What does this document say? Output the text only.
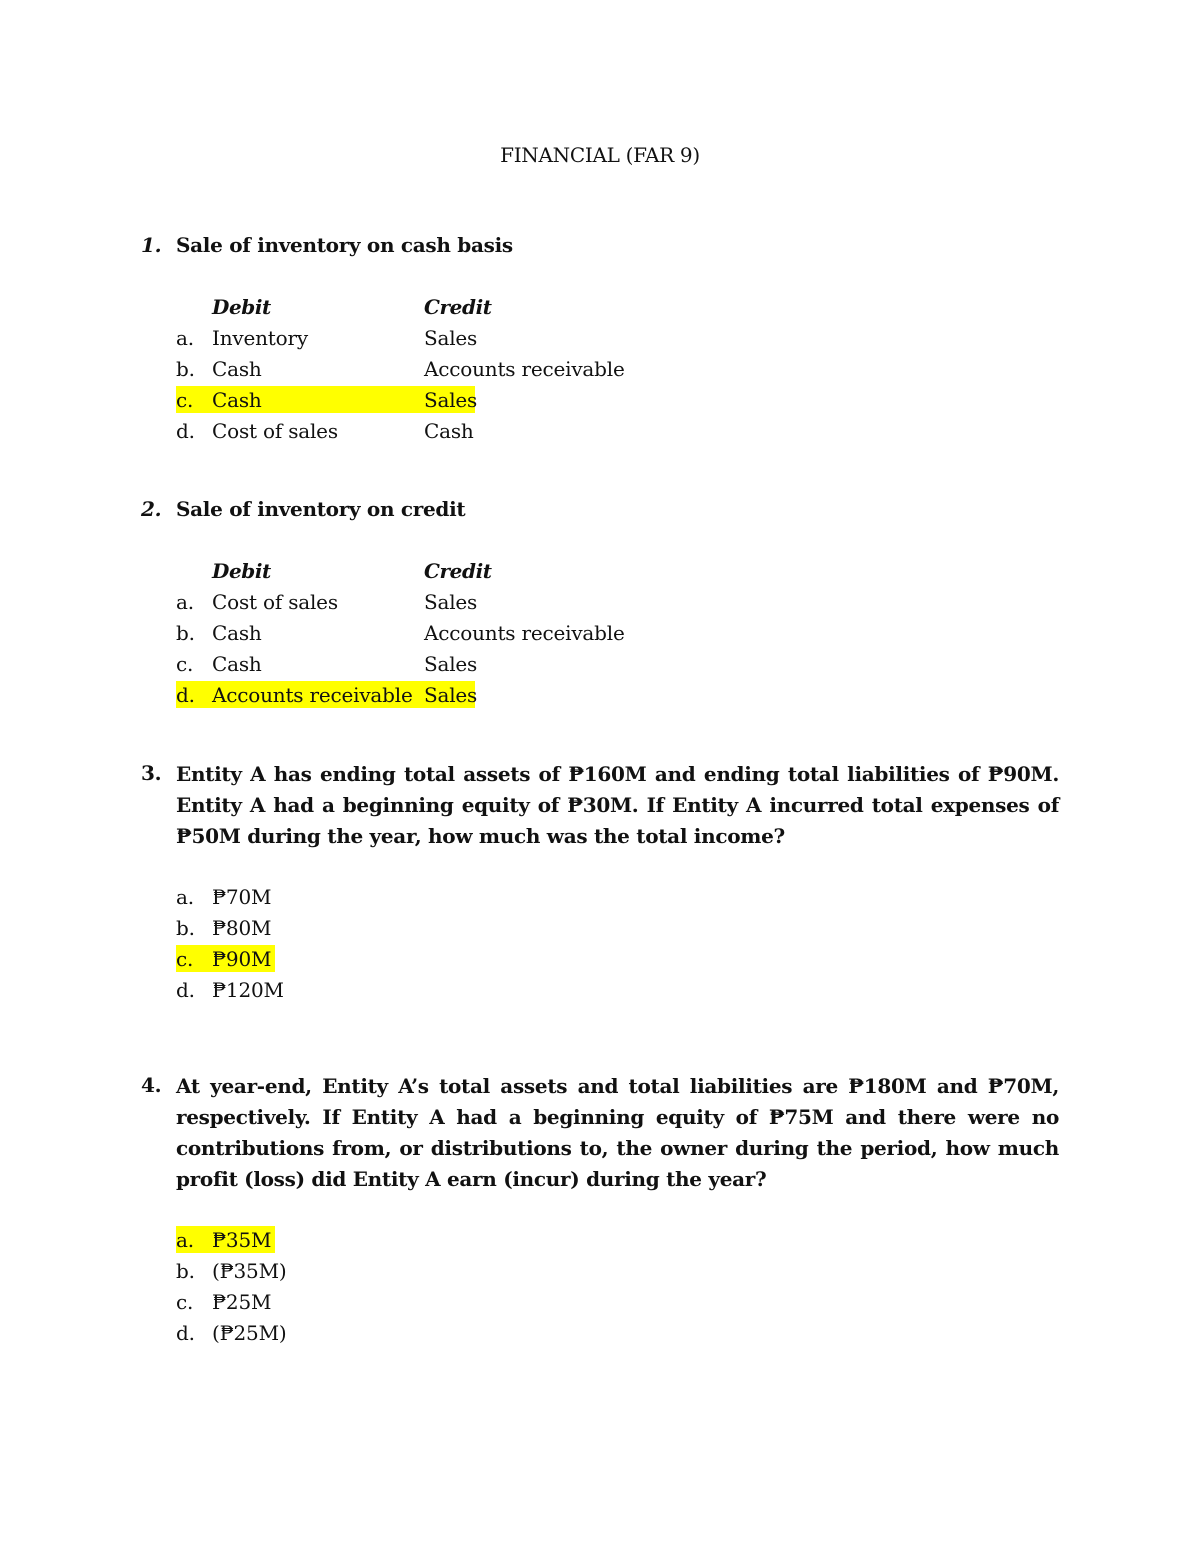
FINANCIAL (FAR 9)
1. Sale of inventory on cash basis
Debit	Credit
a. Inventory	Sales
b. Cash	Accounts receivable
c. Cash	Sales
d. Cost of sales	Cash
2. Sale of inventory on credit
Debit	Credit
a. Cost of sales	Sales
b. Cash	Accounts receivable
c. Cash	Sales
d. Accounts receivable Sales
3. Entity A has ending total assets of ₱160M and ending total liabilities of ₱90M. Entity A had a beginning equity of ₱30M. If Entity A incurred total expenses of ₱50M during the year, how much was the total income?
a. ₱70M
b. ₱80M
c. ₱90M
d. ₱120M
4. At year-end, Entity A’s total assets and total liabilities are ₱180M and ₱70M, respectively. If Entity A had a beginning equity of ₱75M and there were no contributions from, or distributions to, the owner during the period, how much profit (loss) did Entity A earn (incur) during the year?
a. ₱35M
b. (₱35M)
c. ₱25M
d. (₱25M)
